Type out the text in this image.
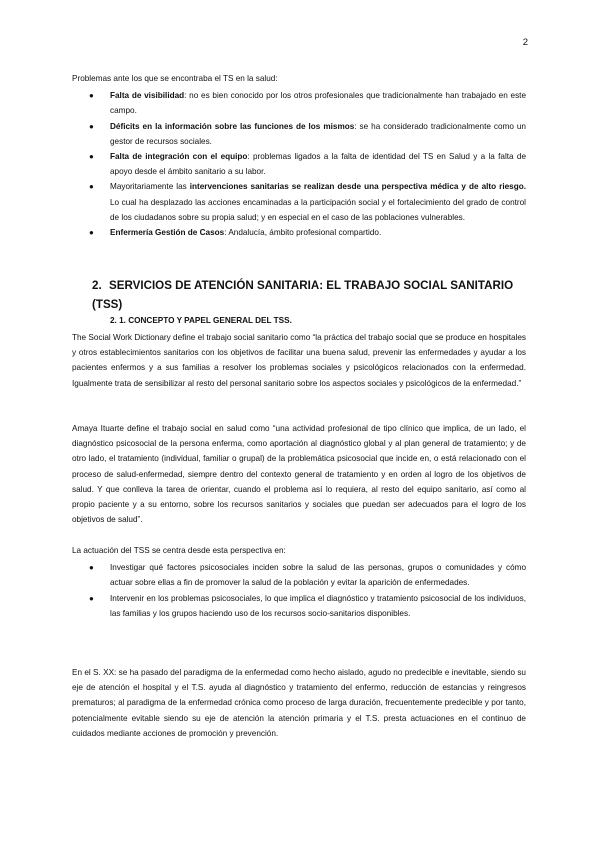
2
Problemas ante los que se encontraba el TS en la salud:
● Falta de visibilidad: no es bien conocido por los otros profesionales que tradicionalmente han trabajado en este campo.
● Déficits en la información sobre las funciones de los mismos: se ha considerado tradicionalmente como un gestor de recursos sociales.
● Falta de integración con el equipo: problemas ligados a la falta de identidad del TS en Salud y a la falta de apoyo desde el ámbito sanitario a su labor.
● Mayoritariamente las intervenciones sanitarias se realizan desde una perspectiva médica y de alto riesgo. Lo cual ha desplazado las acciones encaminadas a la participación social y el fortalecimiento del grado de control de los ciudadanos sobre su propia salud; y en especial en el caso de las poblaciones vulnerables.
● Enfermería Gestión de Casos: Andalucía, ámbito profesional compartido.
2. SERVICIOS DE ATENCIÓN SANITARIA: EL TRABAJO SOCIAL SANITARIO (TSS)
2. 1. CONCEPTO Y PAPEL GENERAL DEL TSS.

The Social Work Dictionary define el trabajo social sanitario como “la práctica del trabajo social que se produce en hospitales y otros establecimientos sanitarios con los objetivos de facilitar una buena salud, prevenir las enfermedades y ayudar a los pacientes enfermos y a sus familias a resolver los problemas sociales y psicológicos relacionados con la enfermedad. Igualmente trata de sensibilizar al resto del personal sanitario sobre los aspectos sociales y psicológicos de la enfermedad.”

Amaya Ituarte define el trabajo social en salud como “una actividad profesional de tipo clínico que implica, de un lado, el diagnóstico psicosocial de la persona enferma, como aportación al diagnóstico global y al plan general de tratamiento; y de otro lado, el tratamiento (individual, familiar o grupal) de la problemática psicosocial que incide en, o está relacionado con el proceso de salud-enfermedad, siempre dentro del contexto general de tratamiento y en orden al logro de los objetivos de salud. Y que conlleva la tarea de orientar, cuando el problema así lo requiera, al resto del equipo sanitario, así como al propio paciente y a su entorno, sobre los recursos sanitarios y sociales que puedan ser adecuados para el logro de los objetivos de salud”.

La actuación del TSS se centra desde esta perspectiva en:
● Investigar qué factores psicosociales inciden sobre la salud de las personas, grupos o comunidades y cómo actuar sobre ellas a fin de promover la salud de la población y evitar la aparición de enfermedades.
● Intervenir en los problemas psicosociales, lo que implica el diagnóstico y tratamiento psicosocial de los individuos, las familias y los grupos haciendo uso de los recursos socio-sanitarios disponibles.

En el S. XX: se ha pasado del paradigma de la enfermedad como hecho aislado, agudo no predecible e inevitable, siendo su eje de atención el hospital y el T.S. ayuda al diagnóstico y tratamiento del enfermo, reducción de estancias y reingresos prematuros; al paradigma de la enfermedad crónica como proceso de larga duración, frecuentemente predecible y por tanto, potencialmente evitable siendo su eje de atención la atención primaria y el T.S. presta actuaciones en el continuo de cuidados mediante acciones de promoción y prevención.
